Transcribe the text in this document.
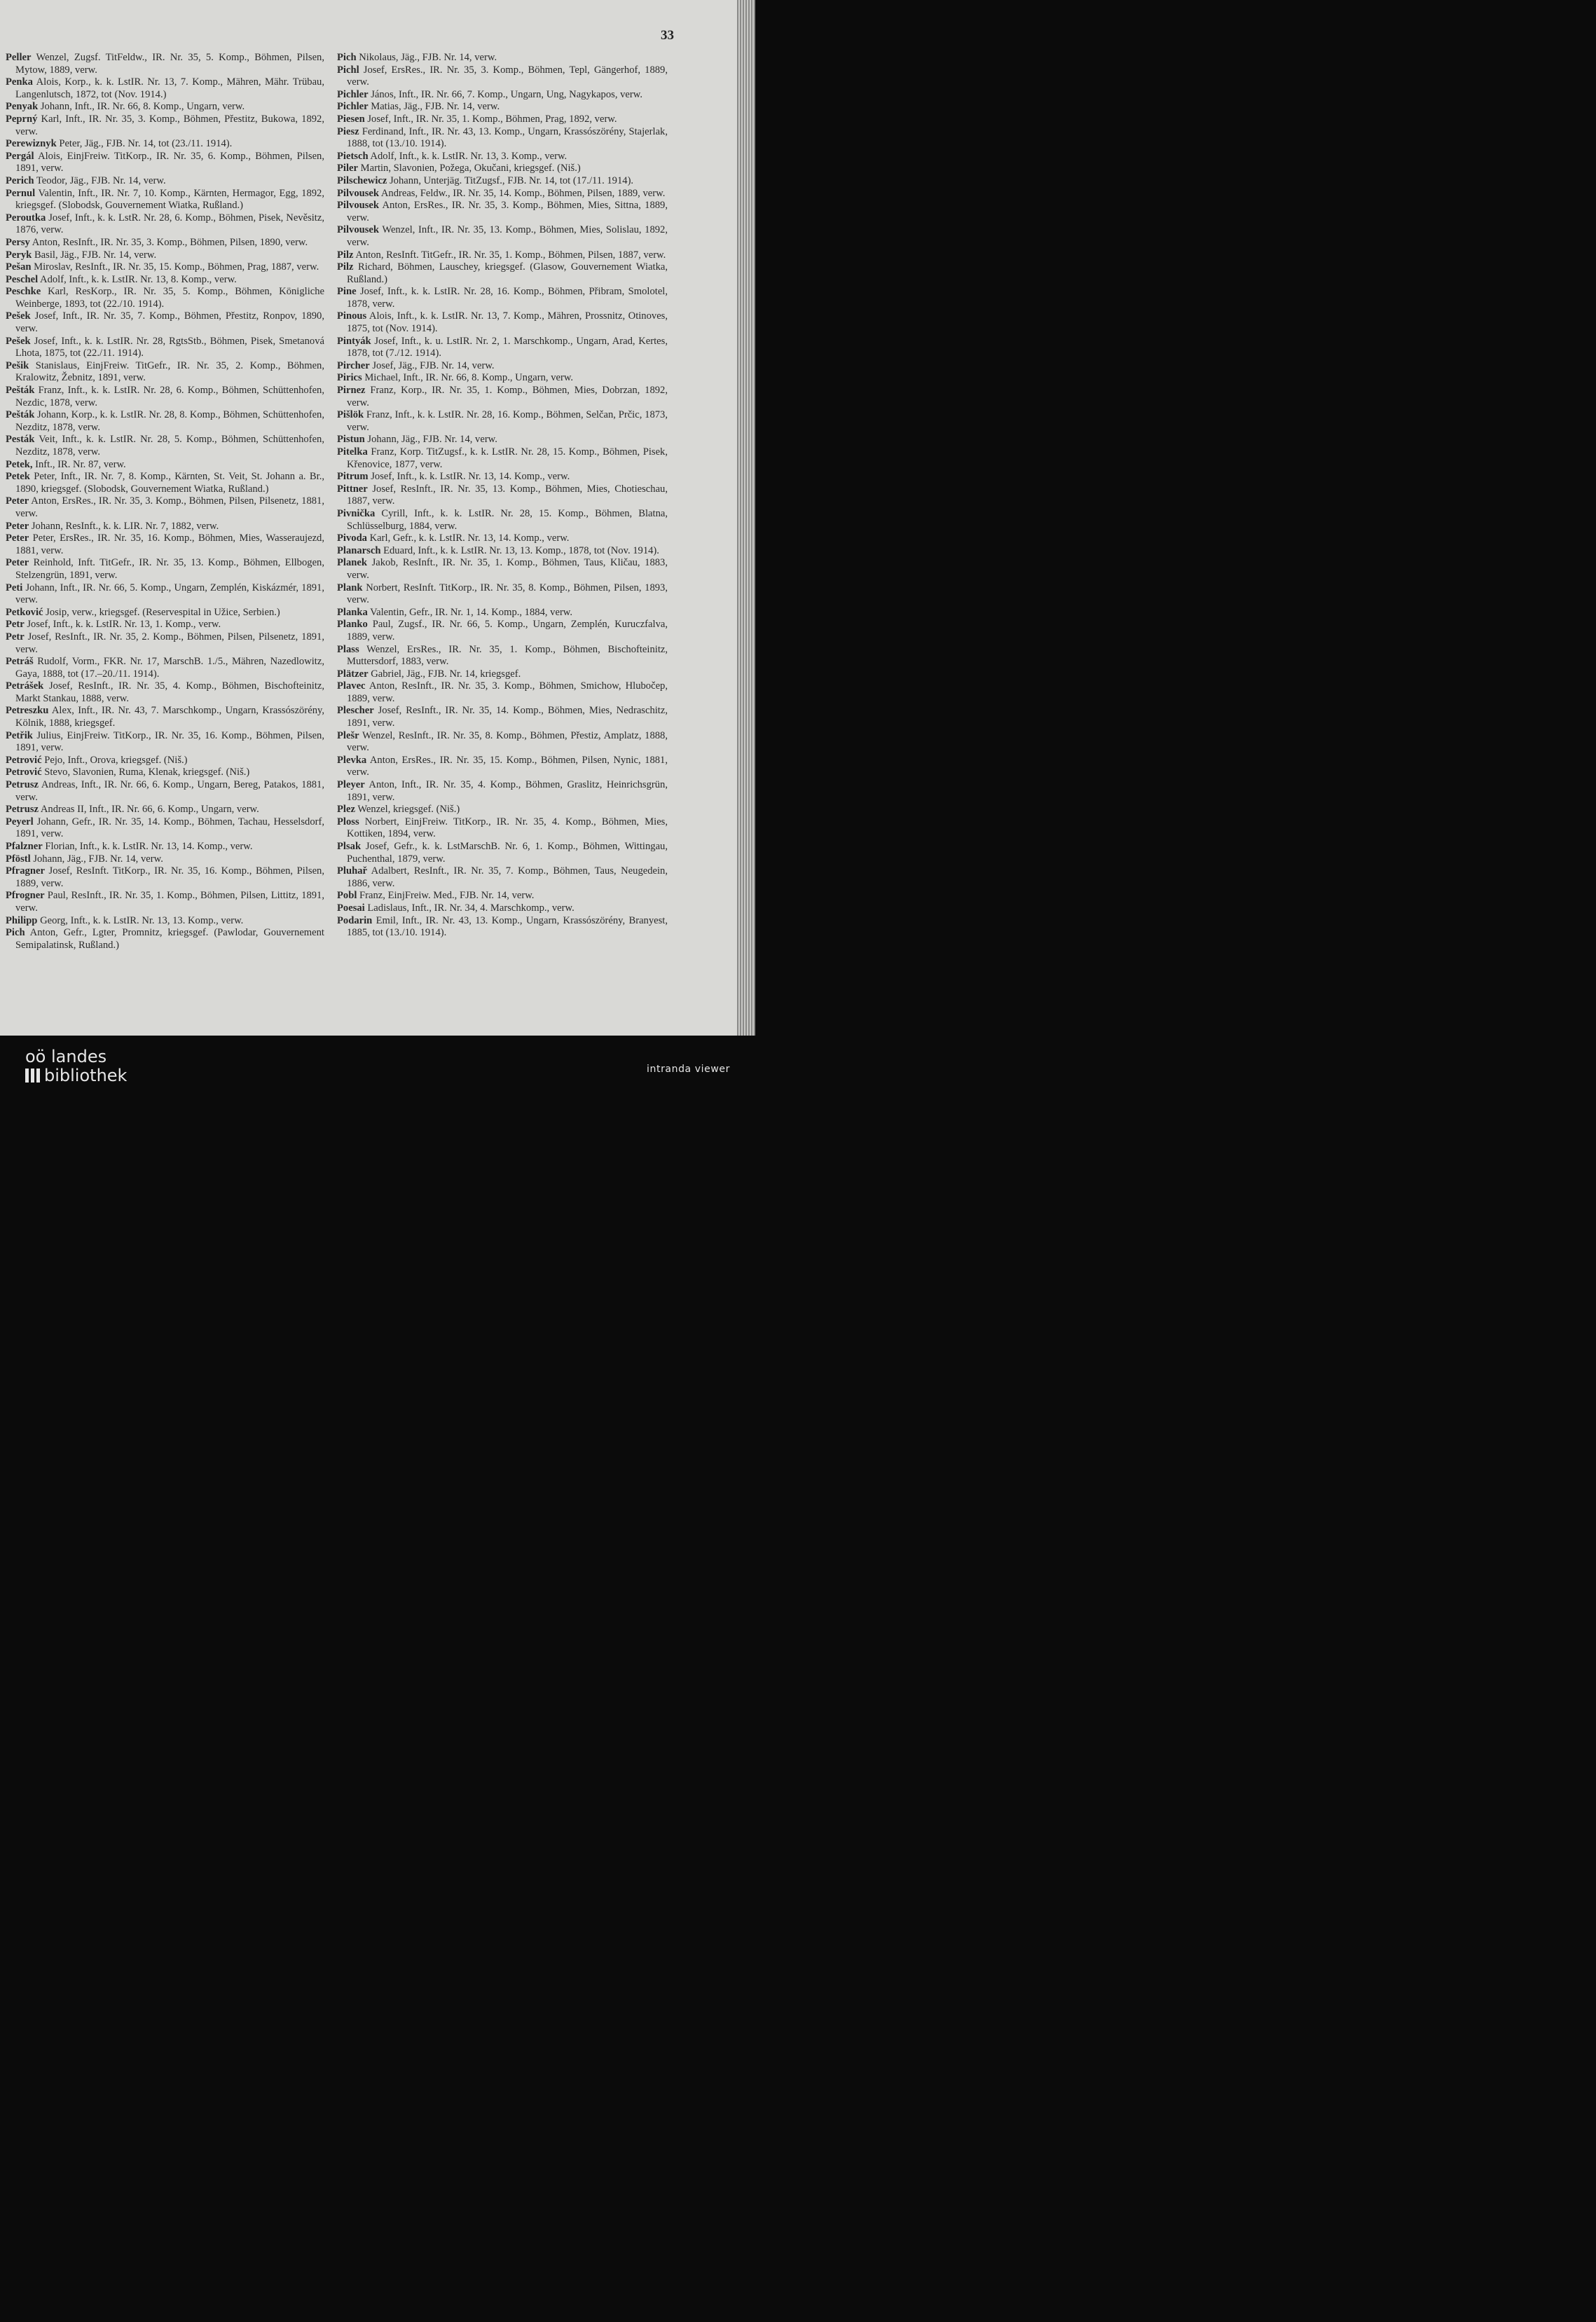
33
Peller Wenzel, Zugsf. TitFeldw., IR. Nr. 35, 5. Komp., Böhmen, Pilsen, Mytow, 1889, verw.
Penka Alois, Korp., k. k. LstIR. Nr. 13, 7. Komp., Mähren, Mähr. Trübau, Langenlutsch, 1872, tot (Nov. 1914.)
Penyak Johann, Inft., IR. Nr. 66, 8. Komp., Ungarn, verw.
Peprný Karl, Inft., IR. Nr. 35, 3. Komp., Böhmen, Přestitz, Bukowa, 1892, verw.
Perewiznyk Peter, Jäg., FJB. Nr. 14, tot (23./11. 1914).
Pergál Alois, EinjFreiw. TitKorp., IR. Nr. 35, 6. Komp., Böhmen, Pilsen, 1891, verw.
Perich Teodor, Jäg., FJB. Nr. 14, verw.
Pernul Valentin, Inft., IR. Nr. 7, 10. Komp., Kärnten, Hermagor, Egg, 1892, kriegsgef. (Slobodsk, Gouvernement Wiatka, Rußland.)
Peroutka Josef, Inft., k. k. LstR. Nr. 28, 6. Komp., Böhmen, Pisek, Nevěsitz, 1876, verw.
Persy Anton, ResInft., IR. Nr. 35, 3. Komp., Böhmen, Pilsen, 1890, verw.
Peryk Basil, Jäg., FJB. Nr. 14, verw.
Pešan Miroslav, ResInft., IR. Nr. 35, 15. Komp., Böhmen, Prag, 1887, verw.
Peschel Adolf, Inft., k. k. LstIR. Nr. 13, 8. Komp., verw.
Peschke Karl, ResKorp., IR. Nr. 35, 5. Komp., Böhmen, Königliche Weinberge, 1893, tot (22./10. 1914).
Pešek Josef, Inft., IR. Nr. 35, 7. Komp., Böhmen, Přestitz, Ronpov, 1890, verw.
Pešek Josef, Inft., k. k. LstIR. Nr. 28, RgtsStb., Böhmen, Pisek, Smetanová Lhota, 1875, tot (22./11. 1914).
Pešik Stanislaus, EinjFreiw. TitGefr., IR. Nr. 35, 2. Komp., Böhmen, Kralowitz, Žebnitz, 1891, verw.
Pešták Franz, Inft., k. k. LstIR. Nr. 28, 6. Komp., Böhmen, Schüttenhofen, Nezdic, 1878, verw.
Pešták Johann, Korp., k. k. LstIR. Nr. 28, 8. Komp., Böhmen, Schüttenhofen, Nezditz, 1878, verw.
Pesták Veit, Inft., k. k. LstIR. Nr. 28, 5. Komp., Böhmen, Schüttenhofen, Nezditz, 1878, verw.
Petek, Inft., IR. Nr. 87, verw.
Petek Peter, Inft., IR. Nr. 7, 8. Komp., Kärnten, St. Veit, St. Johann a. Br., 1890, kriegsgef. (Slobodsk, Gouvernement Wiatka, Rußland.)
Peter Anton, ErsRes., IR. Nr. 35, 3. Komp., Böhmen, Pilsen, Pilsenetz, 1881, verw.
Peter Johann, ResInft., k. k. LIR. Nr. 7, 1882, verw.
Peter Peter, ErsRes., IR. Nr. 35, 16. Komp., Böhmen, Mies, Wasseraujezd, 1881, verw.
Peter Reinhold, Inft. TitGefr., IR. Nr. 35, 13. Komp., Böhmen, Ellbogen, Stelzengrün, 1891, verw.
Peti Johann, Inft., IR. Nr. 66, 5. Komp., Ungarn, Zemplén, Kiskázmér, 1891, verw.
Petković Josip, verw., kriegsgef. (Reservespital in Užice, Serbien.)
Petr Josef, Inft., k. k. LstIR. Nr. 13, 1. Komp., verw.
Petr Josef, ResInft., IR. Nr. 35, 2. Komp., Böhmen, Pilsen, Pilsenetz, 1891, verw.
Petráš Rudolf, Vorm., FKR. Nr. 17, MarschB. 1./5., Mähren, Nazedlowitz, Gaya, 1888, tot (17.–20./11. 1914).
Petrášek Josef, ResInft., IR. Nr. 35, 4. Komp., Böhmen, Bischofteinitz, Markt Stankau, 1888, verw.
Petreszku Alex, Inft., IR. Nr. 43, 7. Marschkomp., Ungarn, Krassószörény, Kölnik, 1888, kriegsgef.
Petřik Julius, EinjFreiw. TitKorp., IR. Nr. 35, 16. Komp., Böhmen, Pilsen, 1891, verw.
Petrović Pejo, Inft., Orova, kriegsgef. (Niš.)
Petrović Stevo, Slavonien, Ruma, Klenak, kriegsgef. (Niš.)
Petrusz Andreas, Inft., IR. Nr. 66, 6. Komp., Ungarn, Bereg, Patakos, 1881, verw.
Petrusz Andreas II, Inft., IR. Nr. 66, 6. Komp., Ungarn, verw.
Peyerl Johann, Gefr., IR. Nr. 35, 14. Komp., Böhmen, Tachau, Hesselsdorf, 1891, verw.
Pfalzner Florian, Inft., k. k. LstIR. Nr. 13, 14. Komp., verw.
Pföstl Johann, Jäg., FJB. Nr. 14, verw.
Pfragner Josef, ResInft. TitKorp., IR. Nr. 35, 16. Komp., Böhmen, Pilsen, 1889, verw.
Pfrogner Paul, ResInft., IR. Nr. 35, 1. Komp., Böhmen, Pilsen, Littitz, 1891, verw.
Philipp Georg, Inft., k. k. LstIR. Nr. 13, 13. Komp., verw.
Pich Anton, Gefr., Lgter, Promnitz, kriegsgef. (Pawlodar, Gouvernement Semipalatinsk, Rußland.)
Pich Nikolaus, Jäg., FJB. Nr. 14, verw.
Pichl Josef, ErsRes., IR. Nr. 35, 3. Komp., Böhmen, Tepl, Gängerhof, 1889, verw.
Pichler János, Inft., IR. Nr. 66, 7. Komp., Ungarn, Ung, Nagykapos, verw.
Pichler Matias, Jäg., FJB. Nr. 14, verw.
Piesen Josef, Inft., IR. Nr. 35, 1. Komp., Böhmen, Prag, 1892, verw.
Piesz Ferdinand, Inft., IR. Nr. 43, 13. Komp., Ungarn, Krassószörény, Stajerlak, 1888, tot (13./10. 1914).
Pietsch Adolf, Inft., k. k. LstIR. Nr. 13, 3. Komp., verw.
Piler Martin, Slavonien, Požega, Okučani, kriegsgef. (Niš.)
Pilschewicz Johann, Unterjäg. TitZugsf., FJB. Nr. 14, tot (17./11. 1914).
Pilvousek Andreas, Feldw., IR. Nr. 35, 14. Komp., Böhmen, Pilsen, 1889, verw.
Pilvousek Anton, ErsRes., IR. Nr. 35, 3. Komp., Böhmen, Mies, Sittna, 1889, verw.
Pilvousek Wenzel, Inft., IR. Nr. 35, 13. Komp., Böhmen, Mies, Solislau, 1892, verw.
Pilz Anton, ResInft. TitGefr., IR. Nr. 35, 1. Komp., Böhmen, Pilsen, 1887, verw.
Pilz Richard, Böhmen, Lauschey, kriegsgef. (Glasow, Gouvernement Wiatka, Rußland.)
Pine Josef, Inft., k. k. LstIR. Nr. 28, 16. Komp., Böhmen, Přibram, Smolotel, 1878, verw.
Pinous Alois, Inft., k. k. LstIR. Nr. 13, 7. Komp., Mähren, Prossnitz, Otinoves, 1875, tot (Nov. 1914).
Pintyák Josef, Inft., k. u. LstIR. Nr. 2, 1. Marschkomp., Ungarn, Arad, Kertes, 1878, tot (7./12. 1914).
Pircher Josef, Jäg., FJB. Nr. 14, verw.
Pirics Michael, Inft., IR. Nr. 66, 8. Komp., Ungarn, verw.
Pirnez Franz, Korp., IR. Nr. 35, 1. Komp., Böhmen, Mies, Dobrzan, 1892, verw.
Pišlök Franz, Inft., k. k. LstIR. Nr. 28, 16. Komp., Böhmen, Selčan, Prčic, 1873, verw.
Pistun Johann, Jäg., FJB. Nr. 14, verw.
Pitelka Franz, Korp. TitZugsf., k. k. LstIR. Nr. 28, 15. Komp., Böhmen, Pisek, Křenovice, 1877, verw.
Pitrum Josef, Inft., k. k. LstIR. Nr. 13, 14. Komp., verw.
Pittner Josef, ResInft., IR. Nr. 35, 13. Komp., Böhmen, Mies, Chotieschau, 1887, verw.
Pivnička Cyrill, Inft., k. k. LstIR. Nr. 28, 15. Komp., Böhmen, Blatna, Schlüsselburg, 1884, verw.
Pivoda Karl, Gefr., k. k. LstIR. Nr. 13, 14. Komp., verw.
Planarsch Eduard, Inft., k. k. LstIR. Nr. 13, 13. Komp., 1878, tot (Nov. 1914).
Planek Jakob, ResInft., IR. Nr. 35, 1. Komp., Böhmen, Taus, Kličau, 1883, verw.
Plank Norbert, ResInft. TitKorp., IR. Nr. 35, 8. Komp., Böhmen, Pilsen, 1893, verw.
Planka Valentin, Gefr., IR. Nr. 1, 14. Komp., 1884, verw.
Planko Paul, Zugsf., IR. Nr. 66, 5. Komp., Ungarn, Zemplén, Kuruczfalva, 1889, verw.
Plass Wenzel, ErsRes., IR. Nr. 35, 1. Komp., Böhmen, Bischofteinitz, Muttersdorf, 1883, verw.
Plätzer Gabriel, Jäg., FJB. Nr. 14, kriegsgef.
Plavec Anton, ResInft., IR. Nr. 35, 3. Komp., Böhmen, Smichow, Hlubočep, 1889, verw.
Plescher Josef, ResInft., IR. Nr. 35, 14. Komp., Böhmen, Mies, Nedraschitz, 1891, verw.
Plešr Wenzel, ResInft., IR. Nr. 35, 8. Komp., Böhmen, Přestiz, Amplatz, 1888, verw.
Plevka Anton, ErsRes., IR. Nr. 35, 15. Komp., Böhmen, Pilsen, Nynic, 1881, verw.
Pleyer Anton, Inft., IR. Nr. 35, 4. Komp., Böhmen, Graslitz, Heinrichsgrün, 1891, verw.
Plez Wenzel, kriegsgef. (Niš.)
Ploss Norbert, EinjFreiw. TitKorp., IR. Nr. 35, 4. Komp., Böhmen, Mies, Kottiken, 1894, verw.
Plsak Josef, Gefr., k. k. LstMarschB. Nr. 6, 1. Komp., Böhmen, Wittingau, Puchenthal, 1879, verw.
Pluhař Adalbert, ResInft., IR. Nr. 35, 7. Komp., Böhmen, Taus, Neugedein, 1886, verw.
Pobl Franz, EinjFreiw. Med., FJB. Nr. 14, verw.
Poesai Ladislaus, Inft., IR. Nr. 34, 4. Marschkomp., verw.
Podarin Emil, Inft., IR. Nr. 43, 13. Komp., Ungarn, Krassószörény, Branyest, 1885, tot (13./10. 1914).
oö landes
bibliothek	intranda viewer
